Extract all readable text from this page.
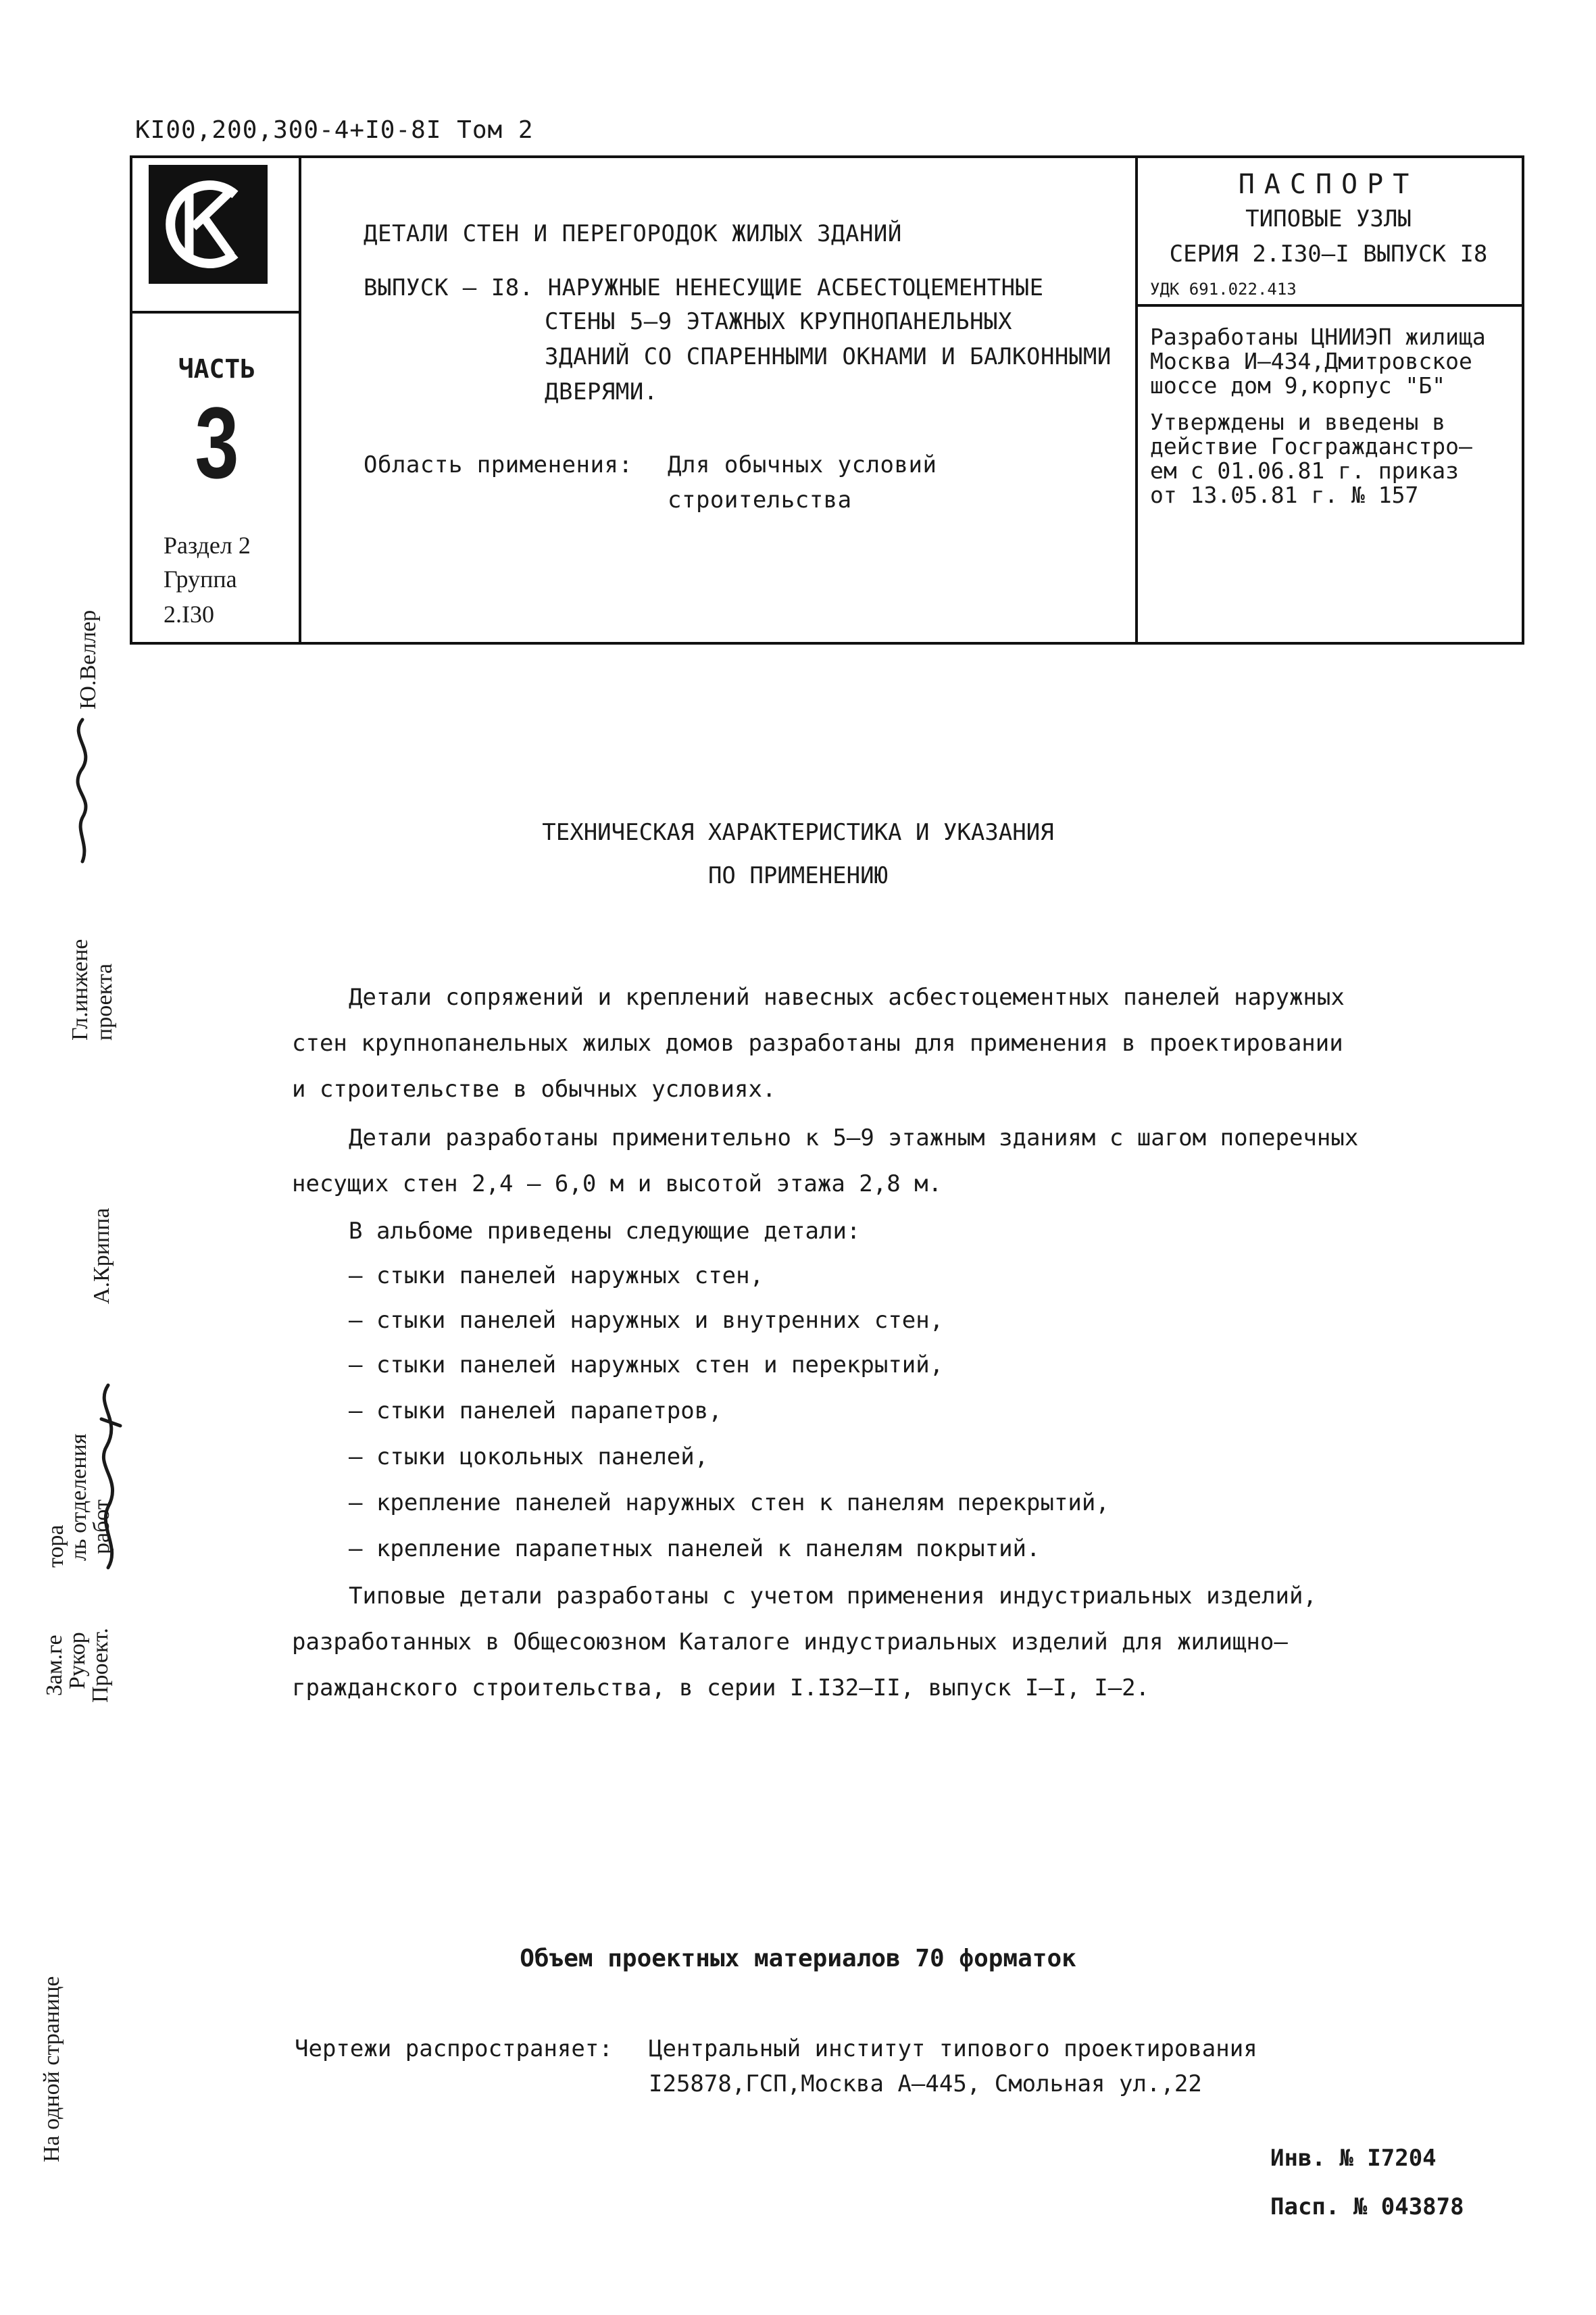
КI00,200,300-4+I0-8I Том 2
ЧАСТЬ
3
Раздел 2
Группа
2.I30
ДЕТАЛИ СТЕН И ПЕРЕГОРОДОК ЖИЛЫХ ЗДАНИЙ
ВЫПУСК – I8. НАРУЖНЫЕ НЕНЕСУЩИЕ АСБЕСТОЦЕМЕНТНЫЕ
СТЕНЫ 5–9 ЭТАЖНЫХ КРУПНОПАНЕЛЬНЫХ
ЗДАНИЙ СО СПАРЕННЫМИ ОКНАМИ И БАЛКОННЫМИ
ДВЕРЯМИ.
Область применения: Для обычных условий
строительства
ПАСПОРТ
ТИПОВЫЕ УЗЛЫ
СЕРИЯ 2.I30–I ВЫПУСК I8
УДК 691.022.413
Разработаны ЦНИИЭП жилища
Москва И–434,Дмитровское
шоссе дом 9,корпус "Б"
Утверждены и введены в
действие Госгражданстро–
ем с 01.06.81 г. приказ
от 13.05.81 г. № 157
ТЕХНИЧЕСКАЯ ХАРАКТЕРИСТИКА И УКАЗАНИЯ
ПО ПРИМЕНЕНИЮ
Детали сопряжений и креплений навесных асбестоцементных панелей наружных
стен крупнопанельных жилых домов разработаны для применения в проектировании
и строительстве в обычных условиях.
Детали разработаны применительно к 5–9 этажным зданиям с шагом поперечных
несущих стен 2,4 – 6,0 м и высотой этажа 2,8 м.
В альбоме приведены следующие детали:
– стыки панелей наружных стен,
– стыки панелей наружных и внутренних стен,
– стыки панелей наружных стен и перекрытий,
– стыки панелей парапетров,
– стыки цокольных панелей,
– крепление панелей наружных стен к панелям перекрытий,
– крепление парапетных панелей к панелям покрытий.
Типовые детали разработаны с учетом применения индустриальных изделий,
разработанных в Общесоюзном Каталоге индустриальных изделий для жилищно–
гражданского строительства, в серии I.I32–II, выпуск I–I, I–2.
Ю.Веллер
Гл.инжене проекта
А.Криппа
Зам.ге
Рукор
Проект.
тора
ль отделения
работ
На одной странице
Объем проектных материалов 70 форматок
Чертежи распространяет: Центральный институт типового проектирования
I25878,ГСП,Москва А–445, Смольная ул.,22
Инв. № I7204
Пасп. № 043878
